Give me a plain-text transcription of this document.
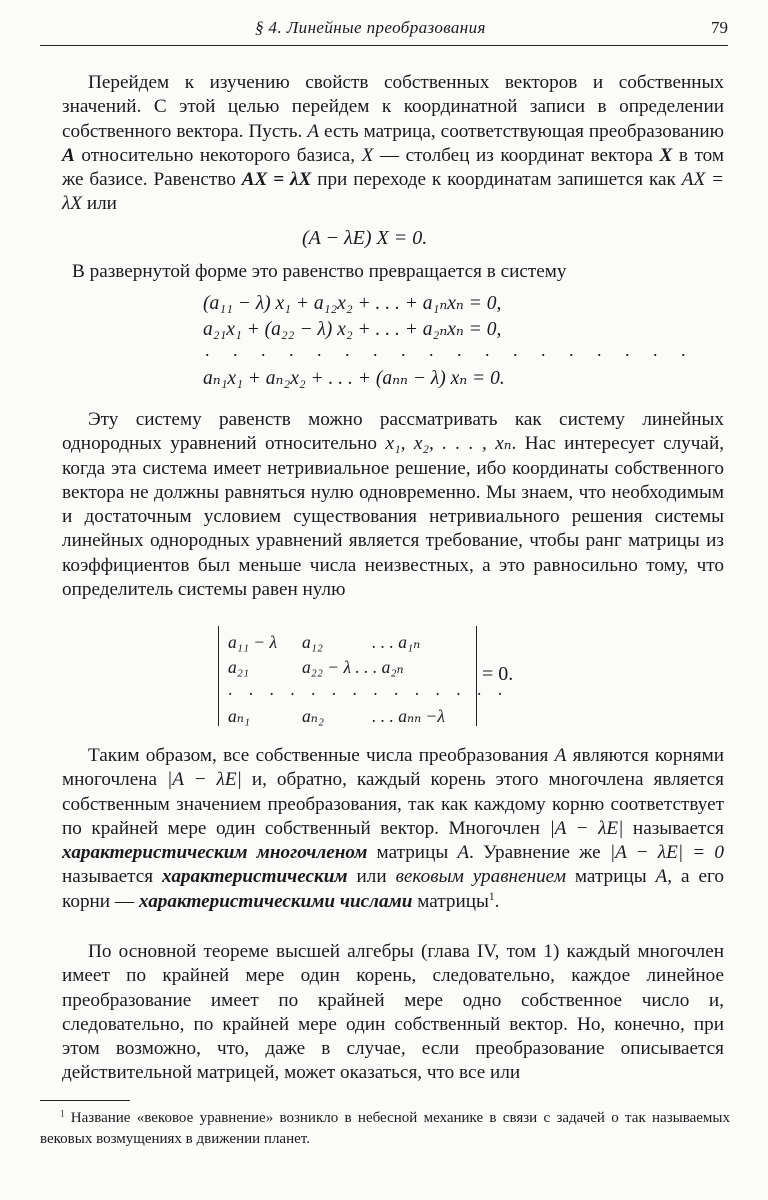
§ 4. Линейные преобразования	79
Перейдем к изучению свойств собственных векторов и собственных значений. С этой целью перейдем к координатной записи в определении собственного вектора. Пусть. A есть матрица, соответствующая преобразованию A относительно некоторого базиса, X — столбец из координат вектора X в том же базисе. Равенство AX = λX при переходе к координатам запишется как AX = λX или
(A − λE) X = 0.
В развернутой форме это равенство превращается в систему
(a₁₁ − λ) x₁ + a₁₂x₂ + . . . + a₁ₙxₙ = 0,
a₂₁x₁ + (a₂₂ − λ) x₂ + . . . + a₂ₙxₙ = 0,
. . . . . . . . . . . . . . . . . .
aₙ₁x₁ + aₙ₂x₂ + . . . + (aₙₙ − λ) xₙ = 0.
Эту систему равенств можно рассматривать как систему линейных однородных уравнений относительно x₁, x₂, . . . , xₙ. Нас интересует случай, когда эта система имеет нетривиальное решение, ибо координаты собственного вектора не должны равняться нулю одновременно. Мы знаем, что необходимым и достаточным условием существования нетривиального решения системы линейных однородных уравнений является требование, чтобы ранг матрицы из коэффициентов был меньше числа неизвестных, а это равносильно тому, что определитель системы равен нулю
a₁₁ − λ a₁₂	. . . a₁ₙ
a₂₁	a₂₂ − λ . . . a₂ₙ
. . . . . . . . . . . . . .
aₙ₁	aₙ₂	. . . aₙₙ −λ
= 0.
Таким образом, все собственные числа преобразования A являются корнями многочлена |A − λE| и, обратно, каждый корень этого многочлена является собственным значением преобразования, так как каждому корню соответствует по крайней мере один собственный вектор. Многочлен |A − λE| называется характеристическим многочленом матрицы A. Уравнение же |A − λE| = 0 называется характеристическим или вековым уравнением матрицы A, а его корни — характеристическими числами матрицы$^1$.
По основной теореме высшей алгебры (глава IV, том 1) каждый многочлен имеет по крайней мере один корень, следовательно, каждое линейное преобразование имеет по крайней мере одно собственное число и, следовательно, по крайней мере один собственный вектор. Но, конечно, при этом возможно, что, даже в случае, если преобразование описывается действительной матрицей, может оказаться, что все или
$^1$ Название «вековое уравнение» возникло в небесной механике в связи с задачей о так называемых вековых возмущениях в движении планет.
